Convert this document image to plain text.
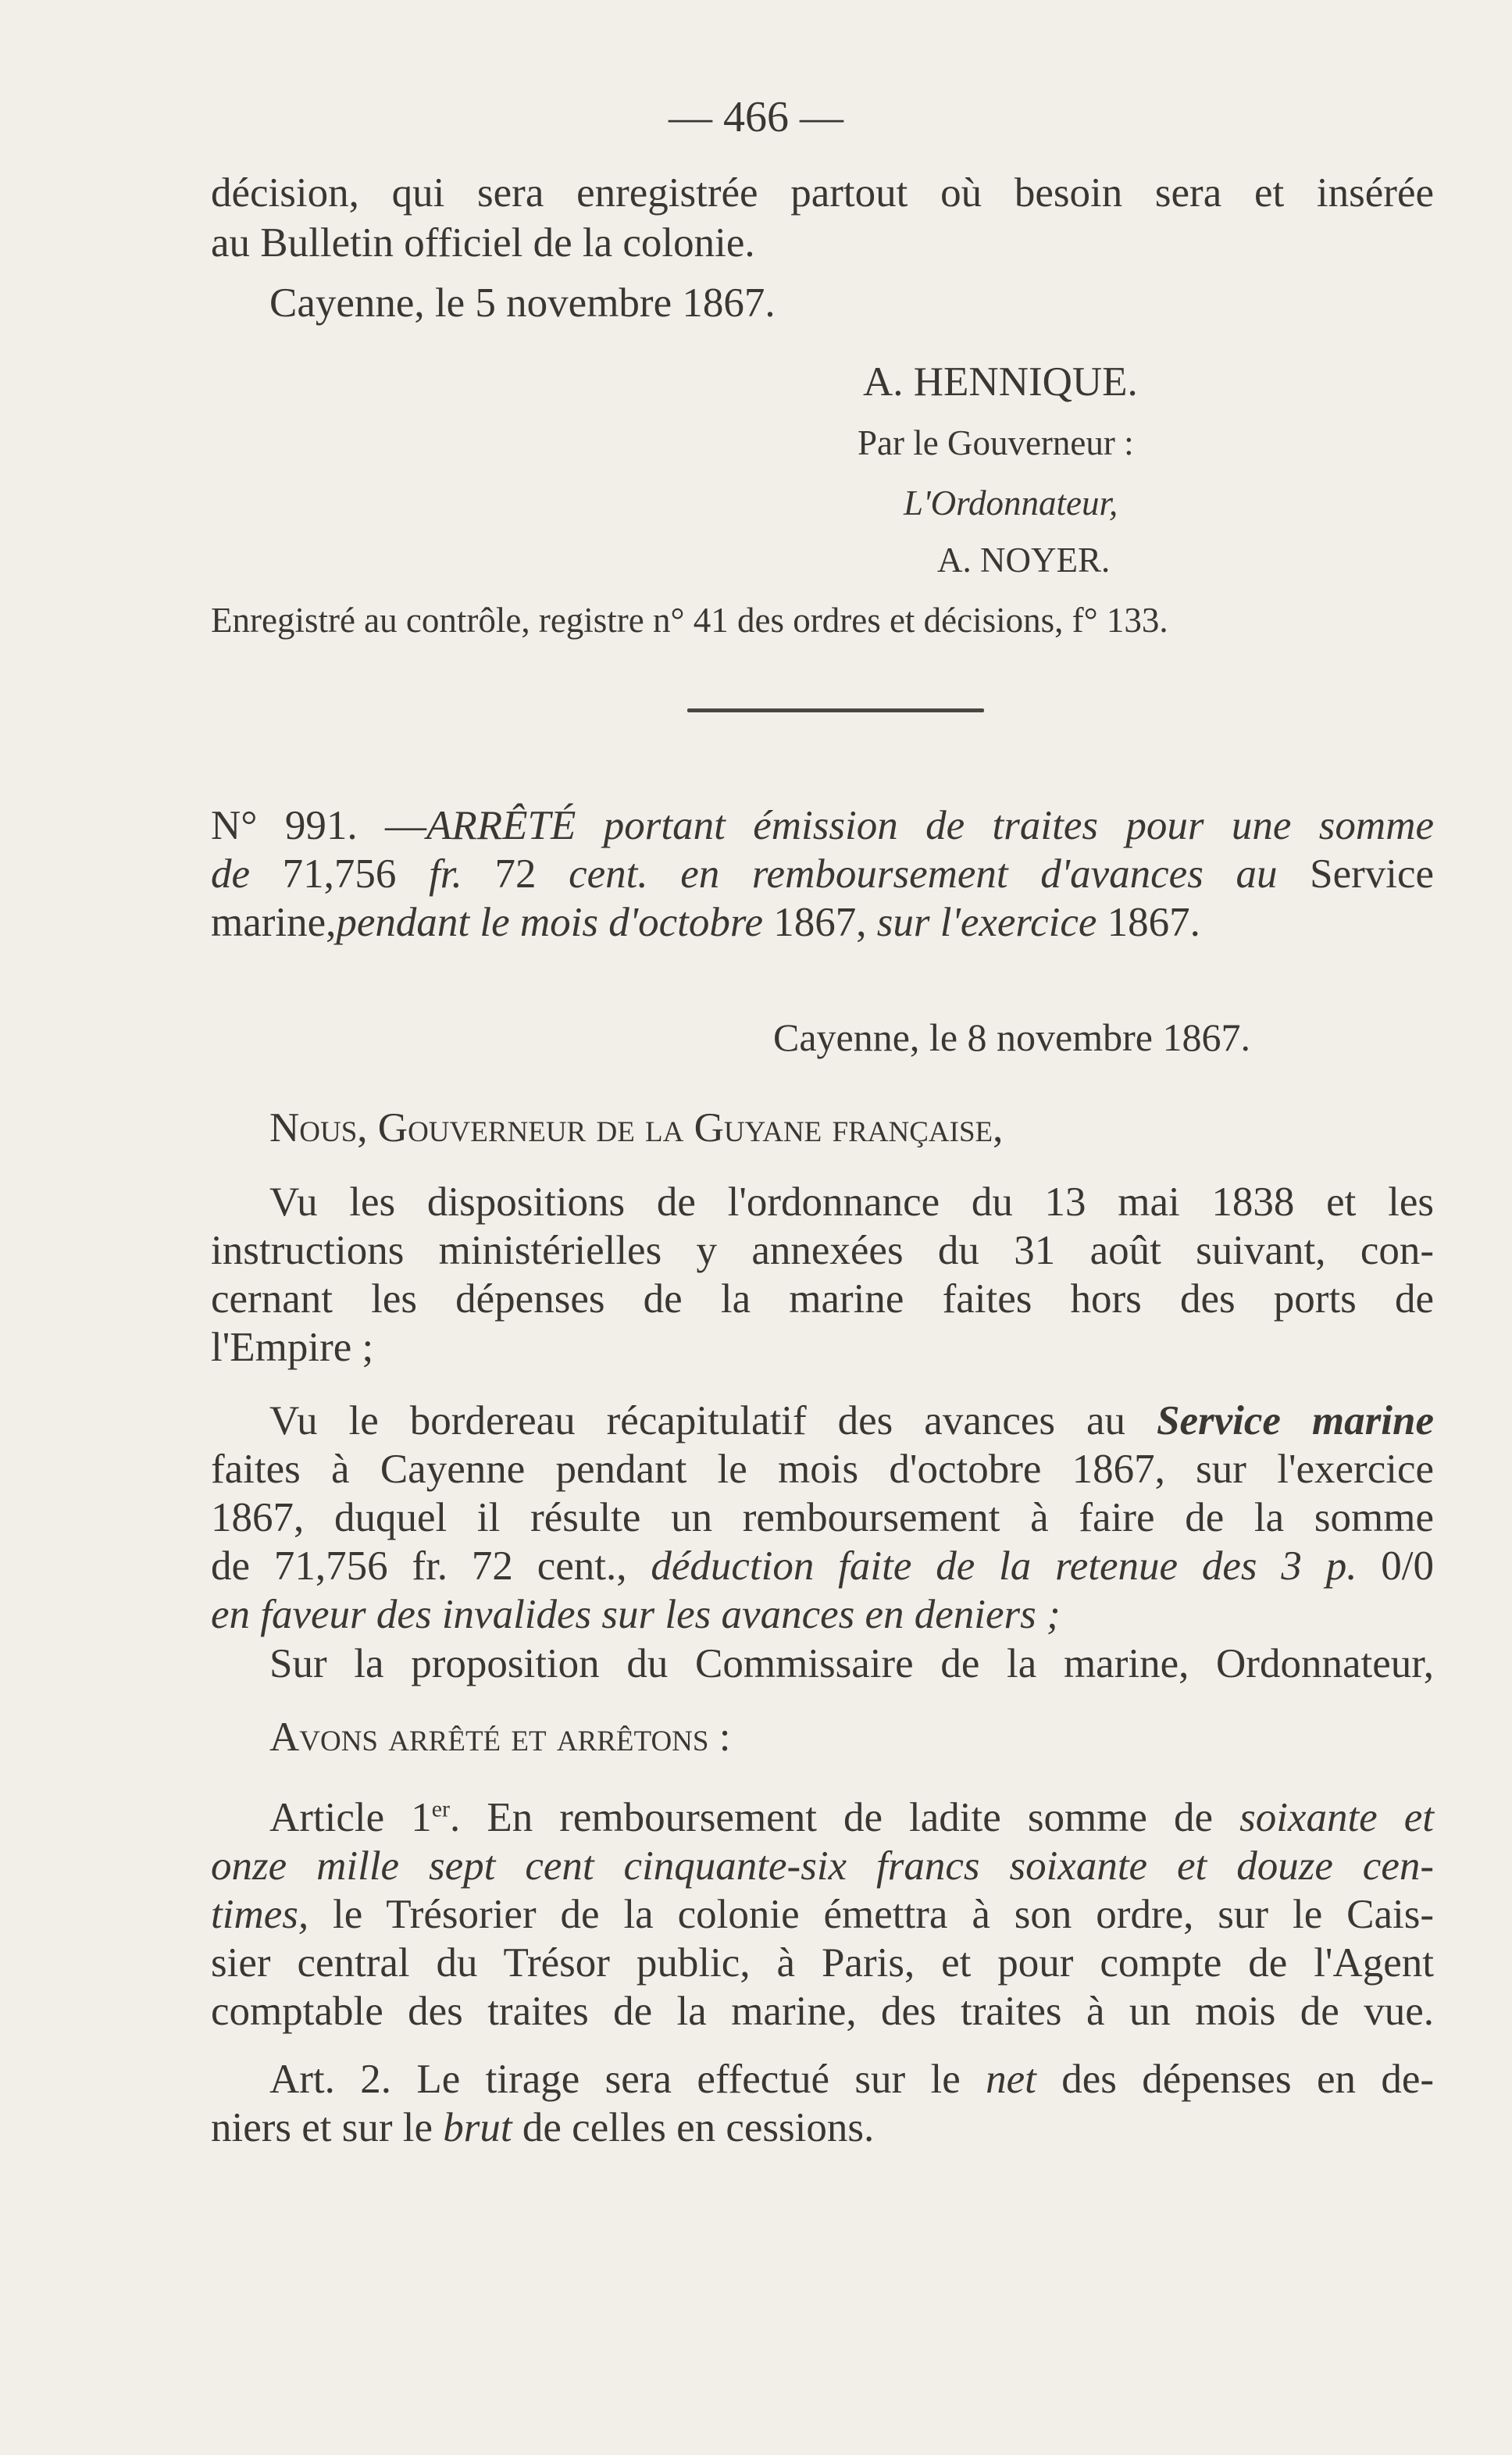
— 466 —
décision, qui sera enregistrée partout où besoin sera et insérée
au Bulletin officiel de la colonie.
Cayenne, le 5 novembre 1867.
A. HENNIQUE.
Par le Gouverneur :
L'Ordonnateur,
A. NOYER.
Enregistré au contrôle, registre n° 41 des ordres et décisions, f° 133.
N° 991. —ARRÊTÉ portant émission de traites pour une somme
de 71,756 fr. 72 cent. en remboursement d'avances au Service
marine,pendant le mois d'octobre 1867, sur l'exercice 1867.
Cayenne, le 8 novembre 1867.
Nous, Gouverneur de la Guyane française,
Vu les dispositions de l'ordonnance du 13 mai 1838 et les
instructions ministérielles y annexées du 31 août suivant, con-
cernant les dépenses de la marine faites hors des ports de
l'Empire ;
Vu le bordereau récapitulatif des avances au Service marine
faites à Cayenne pendant le mois d'octobre 1867, sur l'exercice
1867, duquel il résulte un remboursement à faire de la somme
de 71,756 fr. 72 cent., déduction faite de la retenue des 3 p. 0/0
en faveur des invalides sur les avances en deniers ;
Sur la proposition du Commissaire de la marine, Ordonnateur,
Avons arrêté et arrêtons :
Article 1er. En remboursement de ladite somme de soixante et
onze mille sept cent cinquante-six francs soixante et douze cen-
times, le Trésorier de la colonie émettra à son ordre, sur le Cais-
sier central du Trésor public, à Paris, et pour compte de l'Agent
comptable des traites de la marine, des traites à un mois de vue.
Art. 2. Le tirage sera effectué sur le net des dépenses en de-
niers et sur le brut de celles en cessions.
